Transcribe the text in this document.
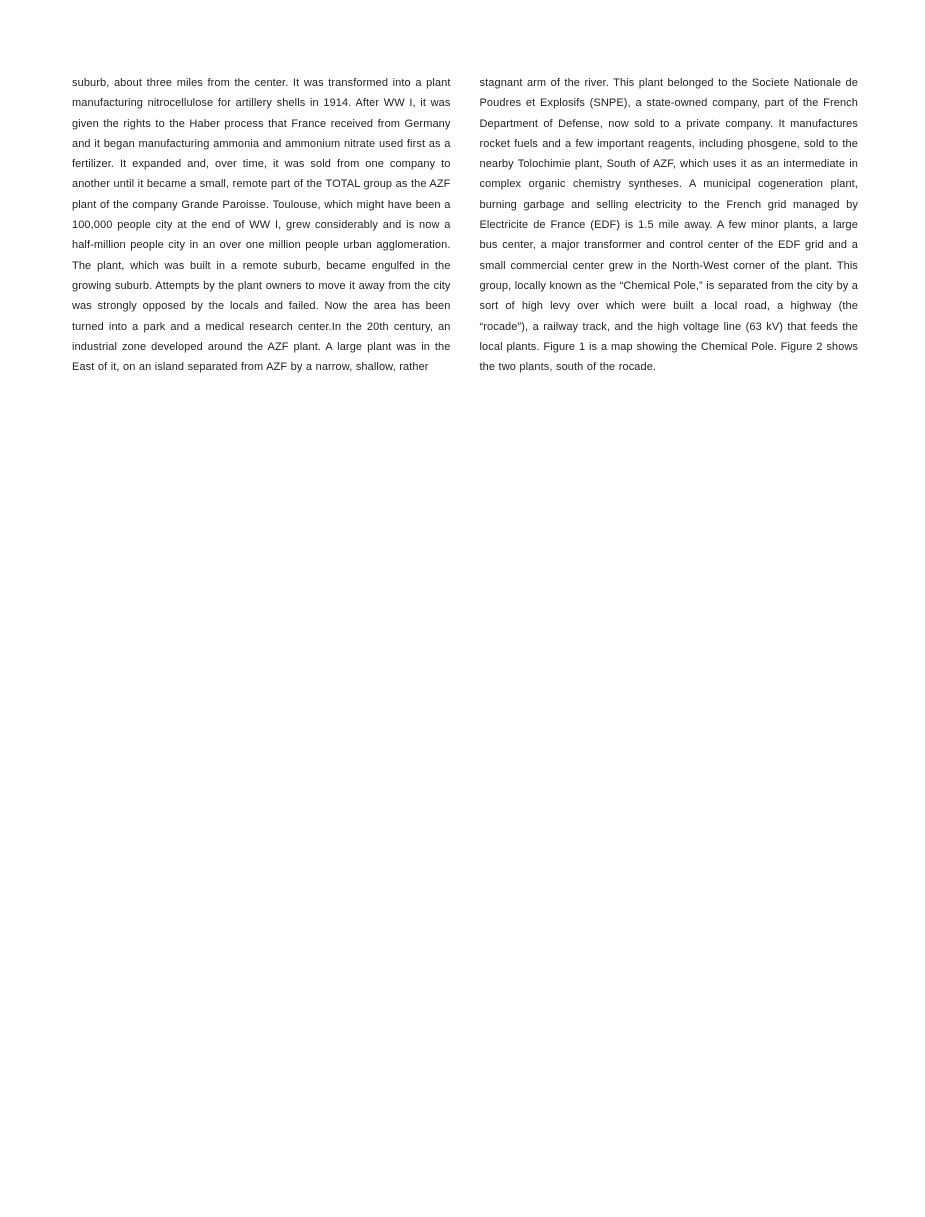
suburb, about three miles from the center. It was transformed into a plant manufacturing nitrocellulose for artillery shells in 1914. After WW I, it was given the rights to the Haber process that France received from Germany and it began manufacturing ammonia and ammonium nitrate used first as a fertilizer. It expanded and, over time, it was sold from one company to another until it became a small, remote part of the TOTAL group as the AZF plant of the company Grande Paroisse. Toulouse, which might have been a 100,000 people city at the end of WW I, grew considerably and is now a half-million people city in an over one million people urban agglomeration. The plant, which was built in a remote suburb, became engulfed in the growing suburb. Attempts by the plant owners to move it away from the city was strongly opposed by the locals and failed. Now the area has been turned into a park and a medical research center.In the 20th century, an industrial zone developed around the AZF plant. A large plant was in the East of it, on an island separated from AZF by a narrow, shallow, rather

stagnant arm of the river. This plant belonged to the Societe Nationale de Poudres et Explosifs (SNPE), a state-owned company, part of the French Department of Defense, now sold to a private company. It manufactures rocket fuels and a few important reagents, including phosgene, sold to the nearby Tolochimie plant, South of AZF, which uses it as an intermediate in complex organic chemistry syntheses. A municipal cogeneration plant, burning garbage and selling electricity to the French grid managed by Electricite de France (EDF) is 1.5 mile away. A few minor plants, a large bus center, a major transformer and control center of the EDF grid and a small commercial center grew in the North-West corner of the plant. This group, locally known as the “Chemical Pole,” is separated from the city by a sort of high levy over which were built a local road, a highway (the “rocade”), a railway track, and the high voltage line (63 kV) that feeds the local plants. Figure 1 is a map showing the Chemical Pole. Figure 2 shows the two plants, south of the rocade.
